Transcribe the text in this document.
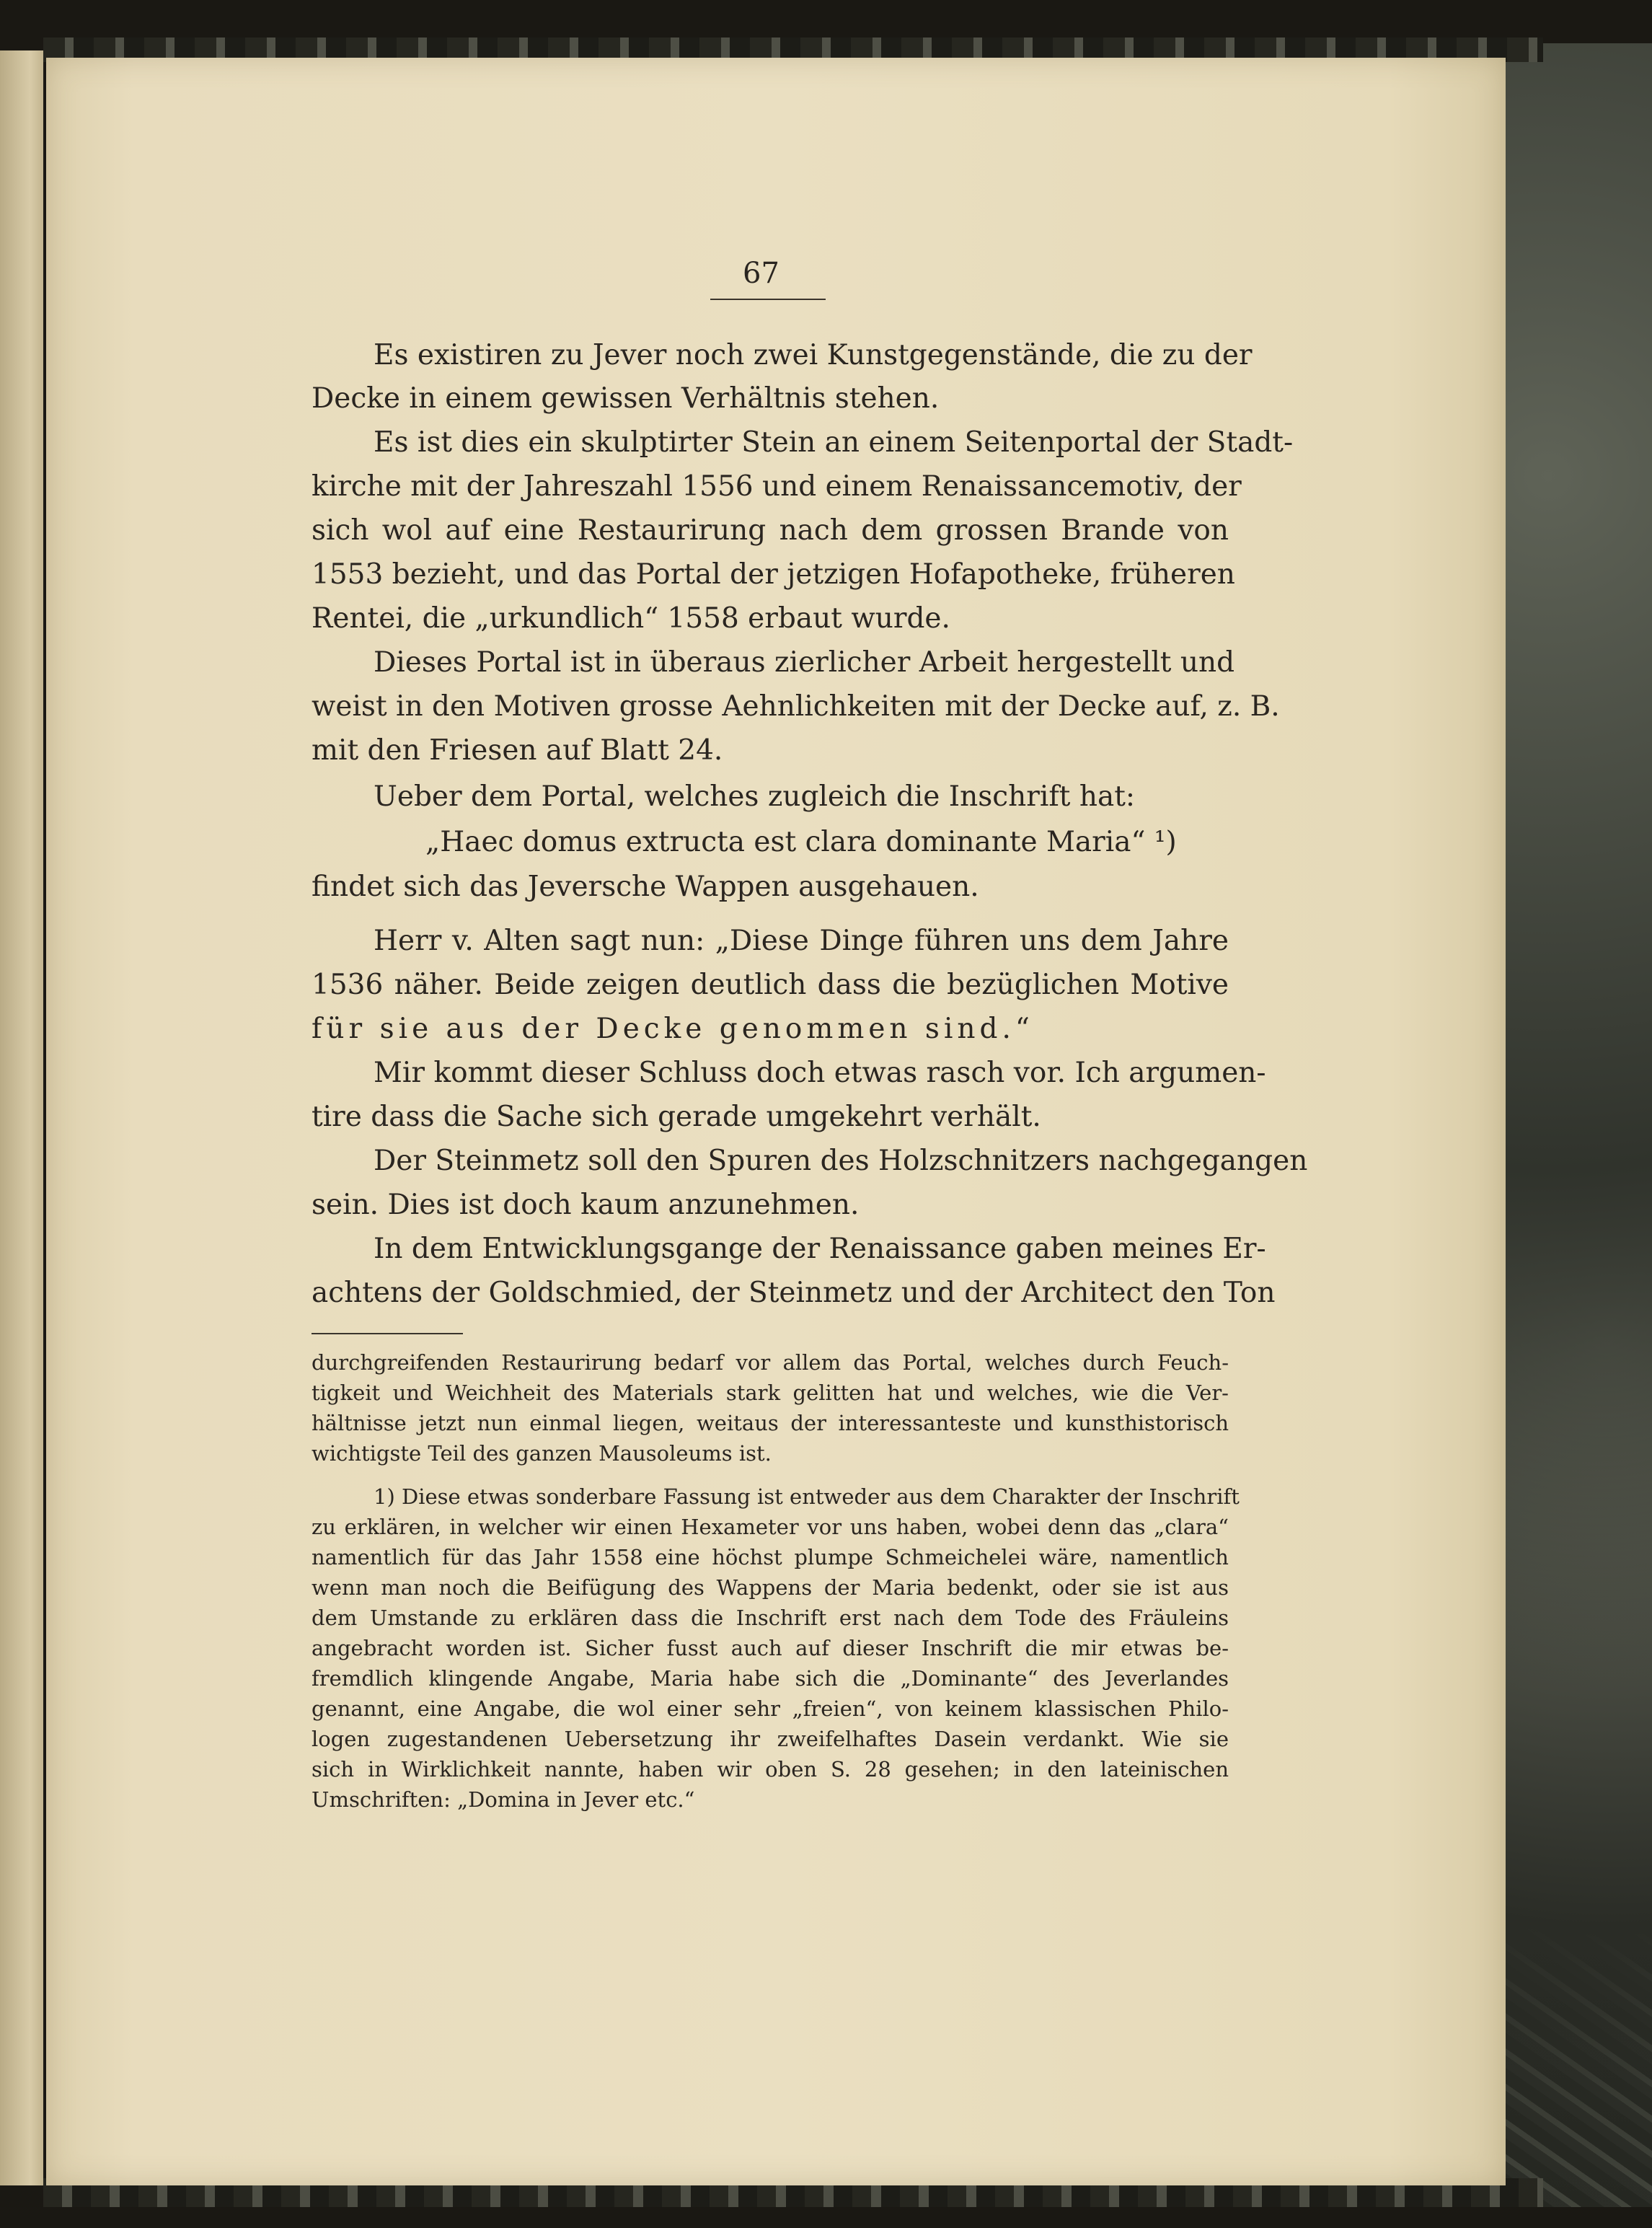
67
Es existiren zu Jever noch zwei Kunstgegenstände, die zu der
Decke in einem gewissen Verhältnis stehen.
Es ist dies ein skulptirter Stein an einem Seitenportal der Stadt-
kirche mit der Jahreszahl 1556 und einem Renaissancemotiv, der
sich wol auf eine Restaurirung nach dem grossen Brande von
1553 bezieht, und das Portal der jetzigen Hofapotheke, früheren
Rentei, die „urkundlich“ 1558 erbaut wurde.
Dieses Portal ist in überaus zierlicher Arbeit hergestellt und
weist in den Motiven grosse Aehnlichkeiten mit der Decke auf, z. B.
mit den Friesen auf Blatt 24.
Ueber dem Portal, welches zugleich die Inschrift hat:
„Haec domus extructa est clara dominante Maria“ ¹)
findet sich das Jeversche Wappen ausgehauen.
Herr v. Alten sagt nun: „Diese Dinge führen uns dem Jahre
1536 näher. Beide zeigen deutlich dass die bezüglichen Motive
für sie aus der Decke genommen sind.“
Mir kommt dieser Schluss doch etwas rasch vor. Ich argumen-
tire dass die Sache sich gerade umgekehrt verhält.
Der Steinmetz soll den Spuren des Holzschnitzers nachgegangen
sein. Dies ist doch kaum anzunehmen.
In dem Entwicklungsgange der Renaissance gaben meines Er-
achtens der Goldschmied, der Steinmetz und der Architect den Ton
durchgreifenden Restaurirung bedarf vor allem das Portal, welches durch Feuch-
tigkeit und Weichheit des Materials stark gelitten hat und welches, wie die Ver-
hältnisse jetzt nun einmal liegen, weitaus der interessanteste und kunsthistorisch
wichtigste Teil des ganzen Mausoleums ist.
1) Diese etwas sonderbare Fassung ist entweder aus dem Charakter der Inschrift
zu erklären, in welcher wir einen Hexameter vor uns haben, wobei denn das „clara“
namentlich für das Jahr 1558 eine höchst plumpe Schmeichelei wäre, namentlich
wenn man noch die Beifügung des Wappens der Maria bedenkt, oder sie ist aus
dem Umstande zu erklären dass die Inschrift erst nach dem Tode des Fräuleins
angebracht worden ist. Sicher fusst auch auf dieser Inschrift die mir etwas be-
fremdlich klingende Angabe, Maria habe sich die „Dominante“ des Jeverlandes
genannt, eine Angabe, die wol einer sehr „freien“, von keinem klassischen Philo-
logen zugestandenen Uebersetzung ihr zweifelhaftes Dasein verdankt. Wie sie
sich in Wirklichkeit nannte, haben wir oben S. 28 gesehen; in den lateinischen
Umschriften: „Domina in Jever etc.“
